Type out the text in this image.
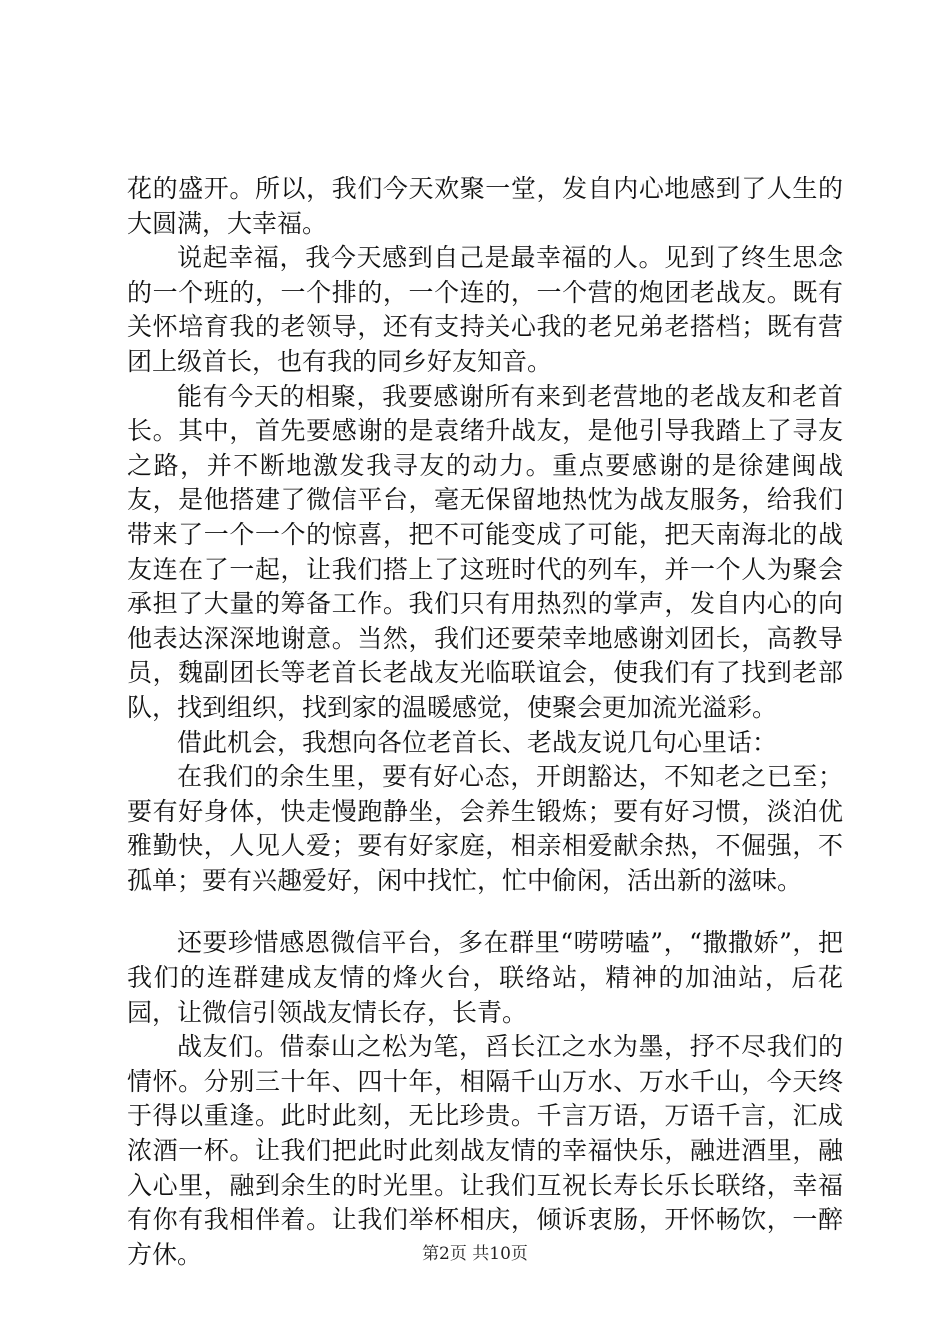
花的盛开。所以，我们今天欢聚一堂，发自内心地感到了人生的大圆满，大幸福。

说起幸福，我今天感到自己是最幸福的人。见到了终生思念的一个班的，一个排的，一个连的，一个营的炮团老战友。既有关怀培育我的老领导，还有支持关心我的老兄弟老搭档；既有营团上级首长，也有我的同乡好友知音。

能有今天的相聚，我要感谢所有来到老营地的老战友和老首长。其中，首先要感谢的是袁绪升战友，是他引导我踏上了寻友之路，并不断地激发我寻友的动力。重点要感谢的是徐建闽战友，是他搭建了微信平台，毫无保留地热忱为战友服务，给我们带来了一个一个的惊喜，把不可能变成了可能，把天南海北的战友连在了一起，让我们搭上了这班时代的列车，并一个人为聚会承担了大量的筹备工作。我们只有用热烈的掌声，发自内心的向他表达深深地谢意。当然，我们还要荣幸地感谢刘团长，高教导员，魏副团长等老首长老战友光临联谊会，使我们有了找到老部队，找到组织，找到家的温暖感觉，使聚会更加流光溢彩。

借此机会，我想向各位老首长、老战友说几句心里话：

在我们的余生里，要有好心态，开朗豁达，不知老之已至；要有好身体，快走慢跑静坐，会养生锻炼；要有好习惯，淡泊优雅勤快，人见人爱；要有好家庭，相亲相爱献余热，不倔强，不孤单；要有兴趣爱好，闲中找忙，忙中偷闲，活出新的滋味。

还要珍惜感恩微信平台，多在群里“唠唠嗑”，“撒撒娇”，把我们的连群建成友情的烽火台，联络站，精神的加油站，后花园，让微信引领战友情长存，长青。

战友们。借泰山之松为笔，舀长江之水为墨，抒不尽我们的情怀。分别三十年、四十年，相隔千山万水、万水千山，今天终于得以重逢。此时此刻，无比珍贵。千言万语，万语千言，汇成浓酒一杯。让我们把此时此刻战友情的幸福快乐，融进酒里，融入心里，融到余生的时光里。让我们互祝长寿长乐长联络，幸福有你有我相伴着。让我们举杯相庆，倾诉衷肠，开怀畅饮，一醉方休。	第2页 共10页
